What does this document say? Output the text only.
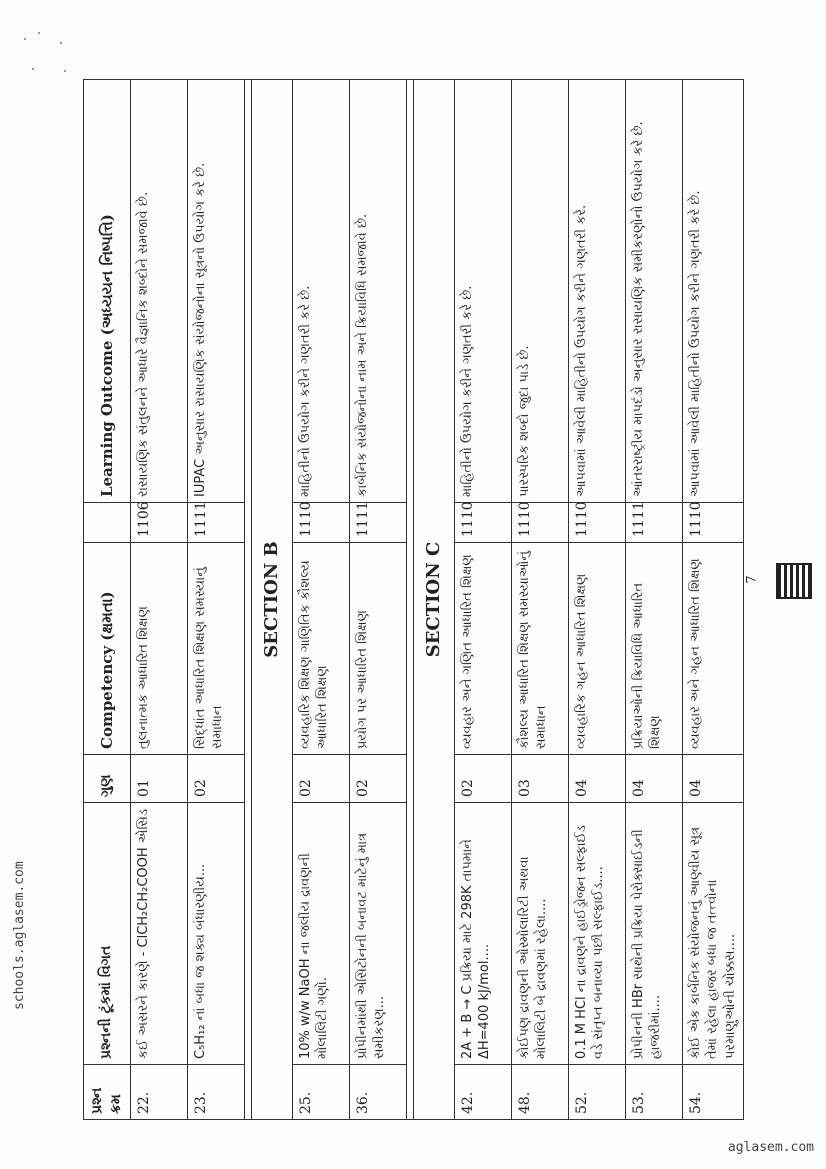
પ્રશ્ન ક્રમ	પ્રશ્નની ટૂંકમાં વિગત	ગુણ	Competency (ક્ષમતા)		Learning Outcome (અધ્યયન નિષ્પત્તિ)
22.	કઈ અસરને કારણે - ClCH₂CH₂COOH એસિડ	01	તુલનાત્મક આધારિત શિક્ષણ	1106	રાસાયણિક સંતુલનને આધારે વૈજ્ઞાનિક શબ્દોને સમજાવે છે.
23.	C₅H₁₂ નાં બધા જ શક્ય બંધારણીય...	02	સિદ્ધાંત આધારિત શિક્ષણ સમસ્યાનું સમાધાન	1111	IUPAC અનુસાર રાસાયણિક સંયોજનોના સૂત્રનો ઉપયોગ કરે છે.

SECTION B					
25.	10% w/w NaOH ના જલીય દ્રાવણની મોલાલિટી ગણો.	02	વ્યવહારિક શિક્ષણ ગાણિતિક કૌશલ્ય આધારિત શિક્ષણ	1110	માહિતીનો ઉપયોગ કરીને ગણતરી કરે છે.
36.	પ્રોપીનમાંથી એસિટોનની બનાવટ માટેનું માત્ર સમીકરણ...	02	પ્રયોગ પર આધારિત શિક્ષણ	1111	કાર્બનિક સંયોજનોના નામ અને ક્રિયાવિધિ સમજાવે છે.

SECTION C					
42.	2A + B → C પ્રક્રિયા માટે 298K તાપમાને ΔH=400 kJ/mol....	02	વ્યવહાર અને ગણિત આધારિત શિક્ષણ	1110	માહિતીનો ઉપયોગ કરીને ગણતરી કરે છે.
48.	કોઈપણ દ્રાવણની ઓસ્મોલારિટી અથવા મોલાલિટી બે દ્રાવણમાં રહેલા....	03	કૌશલ્ય આધારિત શિક્ષણ સમસ્યાઓનું સમાધાન	1110	પારસ્પરિક શબ્દો જુદા પાડે છે.
52.	0.1 M HCl ના દ્રાવણને હાઈડ્રોજન સલ્ફાઈડ વડે સંતૃપ્ત બનાવ્યા પછી સલ્ફાઈડ....	04	વ્યવહારિક ગહન આધારિત શિક્ષણ	1110	આપવામાં આવેલી માહિતીનો ઉપયોગ કરીને ગણતરી કરે.
53.	પ્રોપીનની HBr સાથેની પ્રક્રિયા પેરોક્સાઈડની હાજરીમાં....	04	પ્રક્રિયાઓની ક્રિયાવિધિ આધારિત શિક્ષણ	1111	આંતરરાષ્ટ્રીય માપદંડો અનુસાર રાસાયણિક સમીકરણોનો ઉપયોગ કરે છે.
54.	કોઈ એક કાર્બનિક સંયોજનનું આણ્વીય સૂત્ર તેમાં રહેલા હાજર બધા જ તત્ત્વોના પરમાણુઓની ચોક્કસ....	04	વ્યવહાર અને ગહન આધારિત શિક્ષણ	1110	આપવામાં આવેલી માહિતીનો ઉપયોગ કરીને ગણતરી કરે છે.
7
schools.aglasem.com
aglasem.com
